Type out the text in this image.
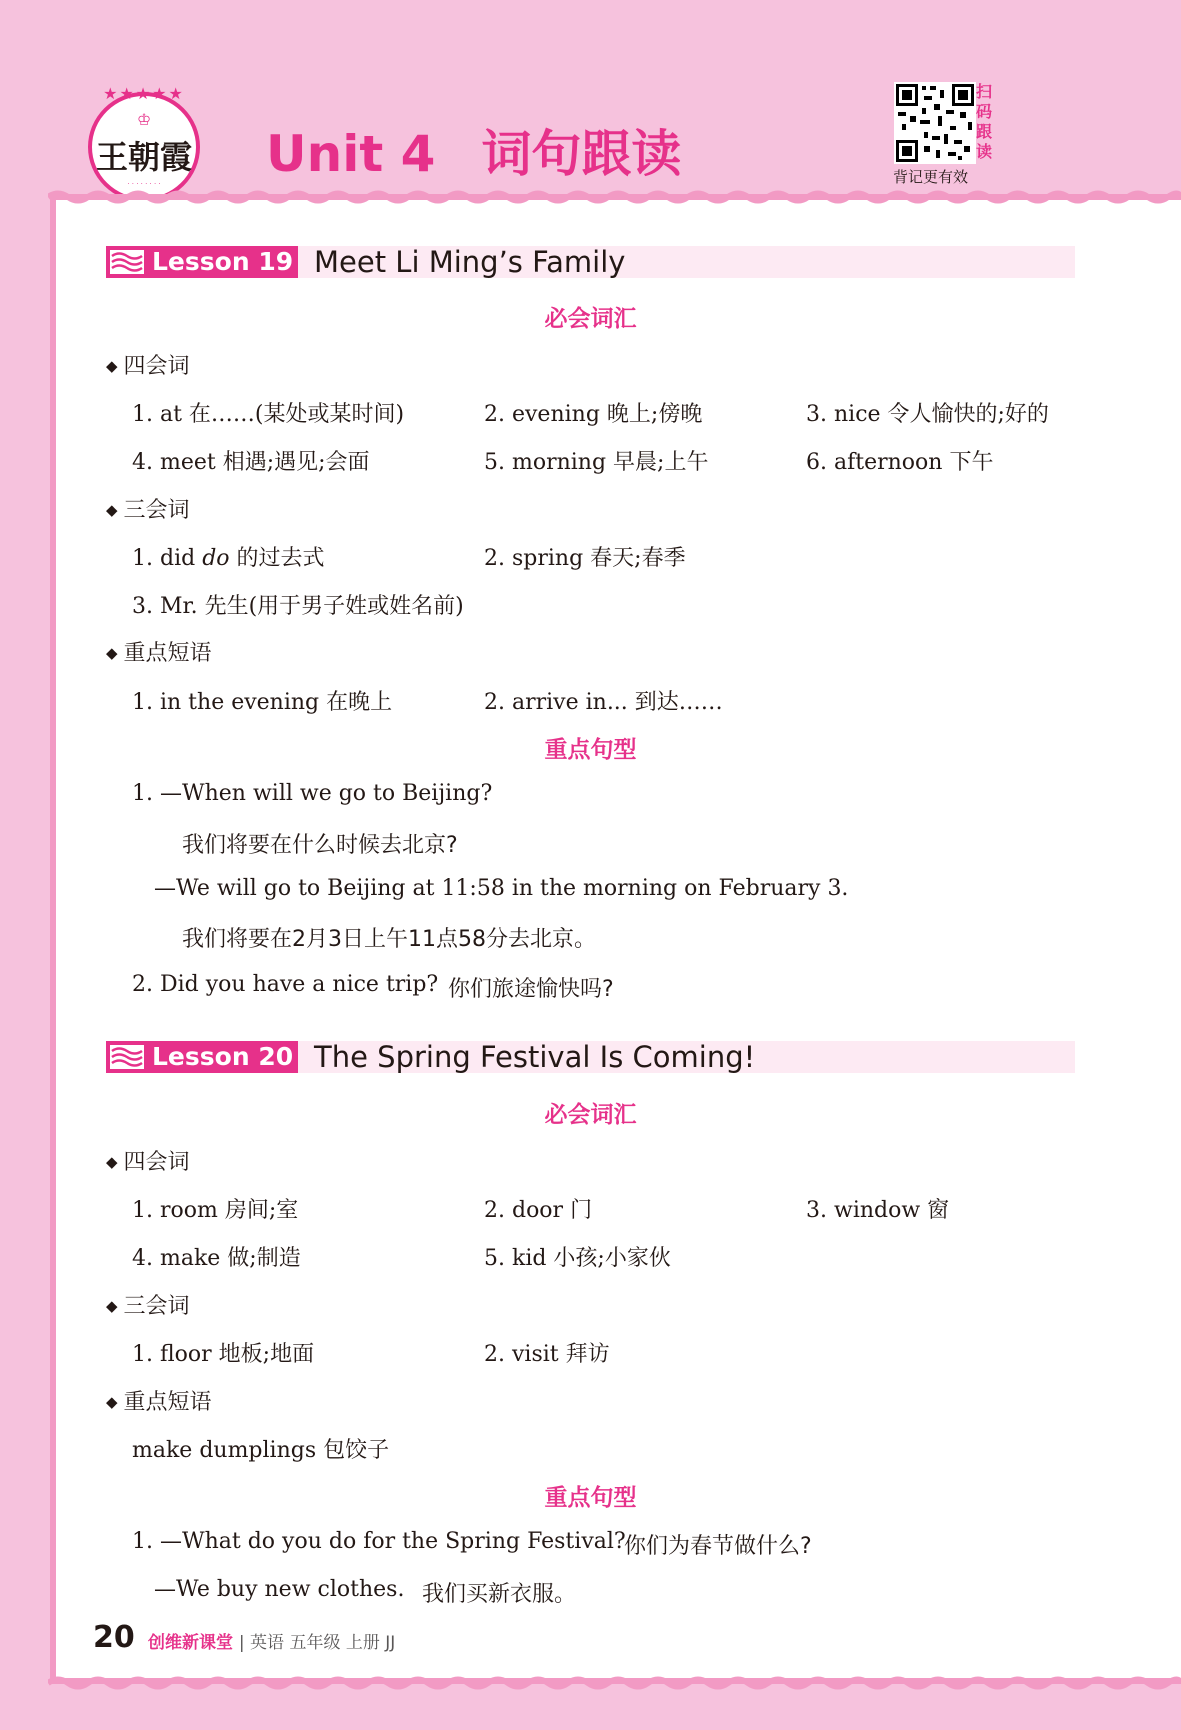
★★★★★
♔
王朝霞
· · · · · · · ·
Unit 4 词句跟读
扫码跟读
背记更有效
Lesson 19 Meet Li Ming’s Family
必会词汇
◆ 四会词
1. at 在……(某处或某时间)	2. evening 晚上;傍晚	3. nice 令人愉快的;好的
4. meet 相遇;遇见;会面	5. morning 早晨;上午	6. afternoon 下午
◆ 三会词
1. did do 的过去式	2. spring 春天;春季
3. Mr. 先生(用于男子姓或姓名前)
◆ 重点短语
1. in the evening 在晚上	2. arrive in... 到达……
重点句型
1. —When will we go to Beijing?
我们将要在什么时候去北京?
—We will go to Beijing at 11:58 in the morning on February 3.
我们将要在2月3日上午11点58分去北京。
2. Did you have a nice trip? 你们旅途愉快吗?
Lesson 20 The Spring Festival Is Coming!
必会词汇
◆ 四会词
1. room 房间;室	2. door 门	3. window 窗
4. make 做;制造	5. kid 小孩;小家伙
◆ 三会词
1. floor 地板;地面	2. visit 拜访
◆ 重点短语
make dumplings 包饺子
重点句型
1. —What do you do for the Spring Festival?
你们为春节做什么?
—We buy new clothes. 我们买新衣服。
20 创维新课堂 | 英语 五年级 上册 JJ
